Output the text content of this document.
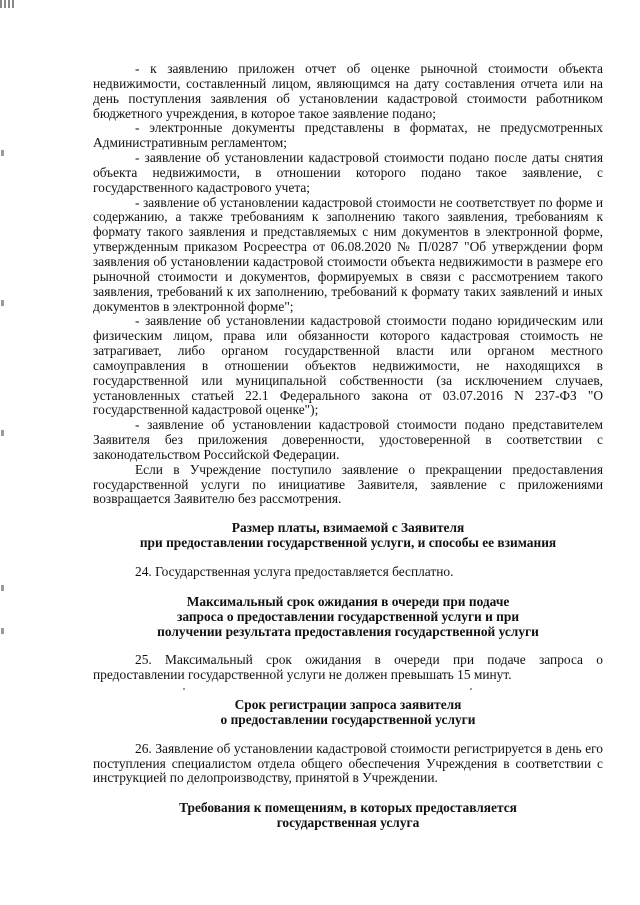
- к заявлению приложен отчет об оценке рыночной стоимости объекта недвижимости, составленный лицом, являющимся на дату составления отчета или на день поступления заявления об установлении кадастровой стоимости работником бюджетного учреждения, в которое такое заявление подано;

- электронные документы представлены в форматах, не предусмотренных Административным регламентом;

- заявление об установлении кадастровой стоимости подано после даты снятия объекта недвижимости, в отношении которого подано такое заявление, с государственного кадастрового учета;

- заявление об установлении кадастровой стоимости не соответствует по форме и содержанию, а также требованиям к заполнению такого заявления, требованиям к формату такого заявления и представляемых с ним документов в электронной форме, утвержденным приказом Росреестра от 06.08.2020 № П/0287 "Об утверждении форм заявления об установлении кадастровой стоимости объекта недвижимости в размере его рыночной стоимости и документов, формируемых в связи с рассмотрением такого заявления, требований к их заполнению, требований к формату таких заявлений и иных документов в электронной форме";

- заявление об установлении кадастровой стоимости подано юридическим или физическим лицом, права или обязанности которого кадастровая стоимость не затрагивает, либо органом государственной власти или органом местного самоуправления в отношении объектов недвижимости, не находящихся в государственной или муниципальной собственности (за исключением случаев, установленных статьей 22.1 Федерального закона от 03.07.2016 N 237-ФЗ "О государственной кадастровой оценке");

- заявление об установлении кадастровой стоимости подано представителем Заявителя без приложения доверенности, удостоверенной в соответствии с законодательством Российской Федерации.

Если в Учреждение поступило заявление о прекращении предоставления государственной услуги по инициативе Заявителя, заявление с приложениями возвращается Заявителю без рассмотрения.

Размер платы, взимаемой с Заявителя

при предоставлении государственной услуги, и способы ее взимания

24. Государственная услуга предоставляется бесплатно.

Максимальный срок ожидания в очереди при подаче

запроса о предоставлении государственной услуги и при

получении результата предоставления государственной услуги

25. Максимальный срок ожидания в очереди при подаче запроса о предоставлении государственной услуги не должен превышать 15 минут.

Срок регистрации запроса заявителя

о предоставлении государственной услуги

26. Заявление об установлении кадастровой стоимости регистрируется в день его поступления специалистом отдела общего обеспечения Учреждения в соответствии с инструкцией по делопроизводству, принятой в Учреждении.

Требования к помещениям, в которых предоставляется

государственная услуга
